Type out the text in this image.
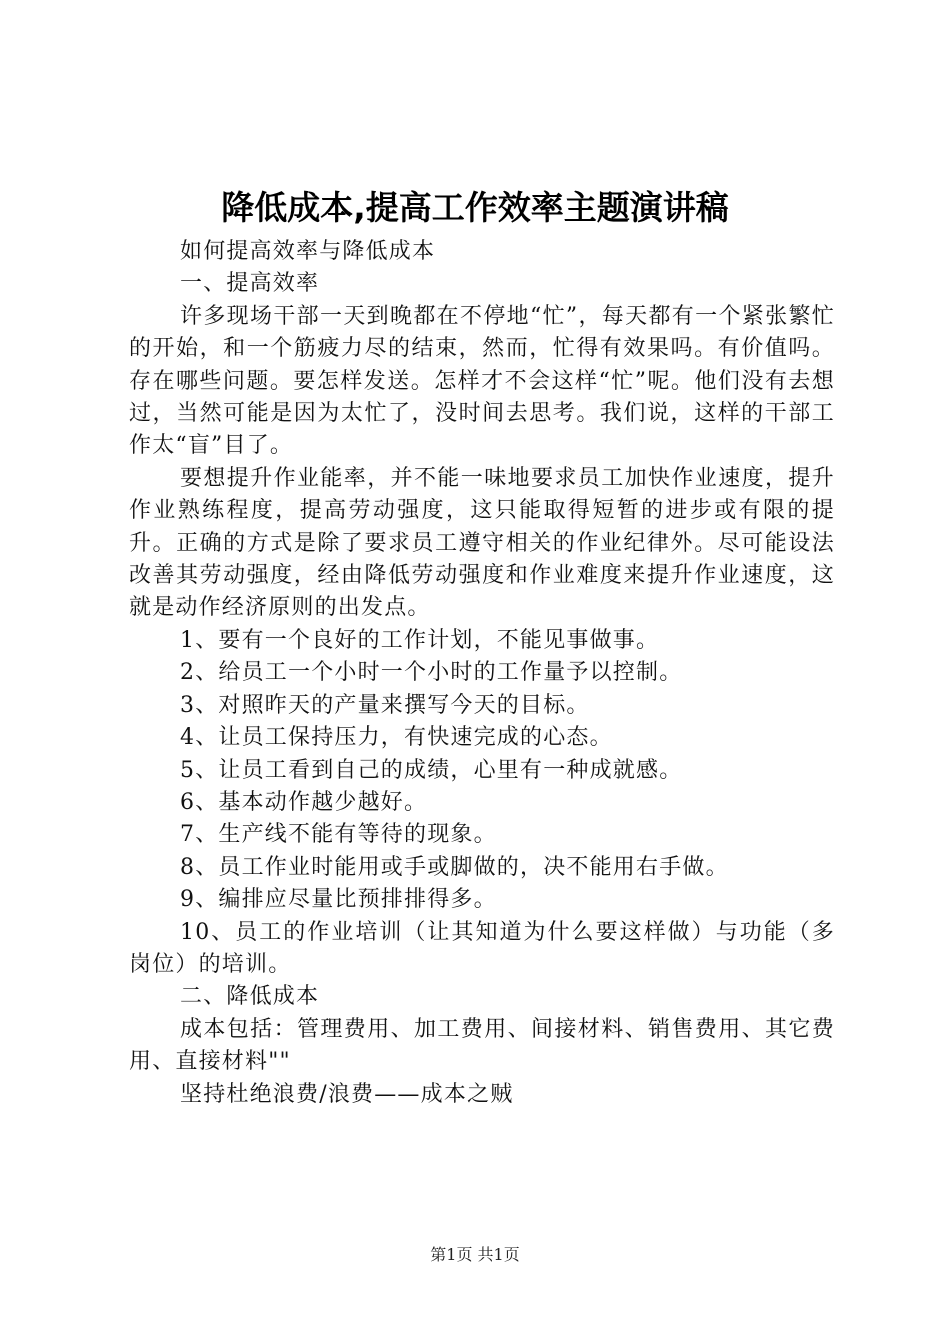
降低成本,提高工作效率主题演讲稿

如何提高效率与降低成本

一、提高效率

许多现场干部一天到晚都在不停地“忙”，每天都有一个紧张繁忙的开始，和一个筋疲力尽的结束，然而，忙得有效果吗。有价值吗。存在哪些问题。要怎样发送。怎样才不会这样“忙”呢。他们没有去想过，当然可能是因为太忙了，没时间去思考。我们说，这样的干部工作太“盲”目了。

要想提升作业能率，并不能一味地要求员工加快作业速度，提升作业熟练程度，提高劳动强度，这只能取得短暂的进步或有限的提升。正确的方式是除了要求员工遵守相关的作业纪律外。尽可能设法改善其劳动强度，经由降低劳动强度和作业难度来提升作业速度，这就是动作经济原则的出发点。

1、要有一个良好的工作计划，不能见事做事。

2、给员工一个小时一个小时的工作量予以控制。

3、对照昨天的产量来撰写今天的目标。

4、让员工保持压力，有快速完成的心态。

5、让员工看到自己的成绩，心里有一种成就感。

6、基本动作越少越好。

7、生产线不能有等待的现象。

8、员工作业时能用或手或脚做的，决不能用右手做。

9、编排应尽量比预排排得多。

10、员工的作业培训（让其知道为什么要这样做）与功能（多岗位）的培训。

二、降低成本

成本包括：管理费用、加工费用、间接材料、销售费用、其它费用、直接材料""

坚持杜绝浪费/浪费——成本之贼

第1页 共1页
